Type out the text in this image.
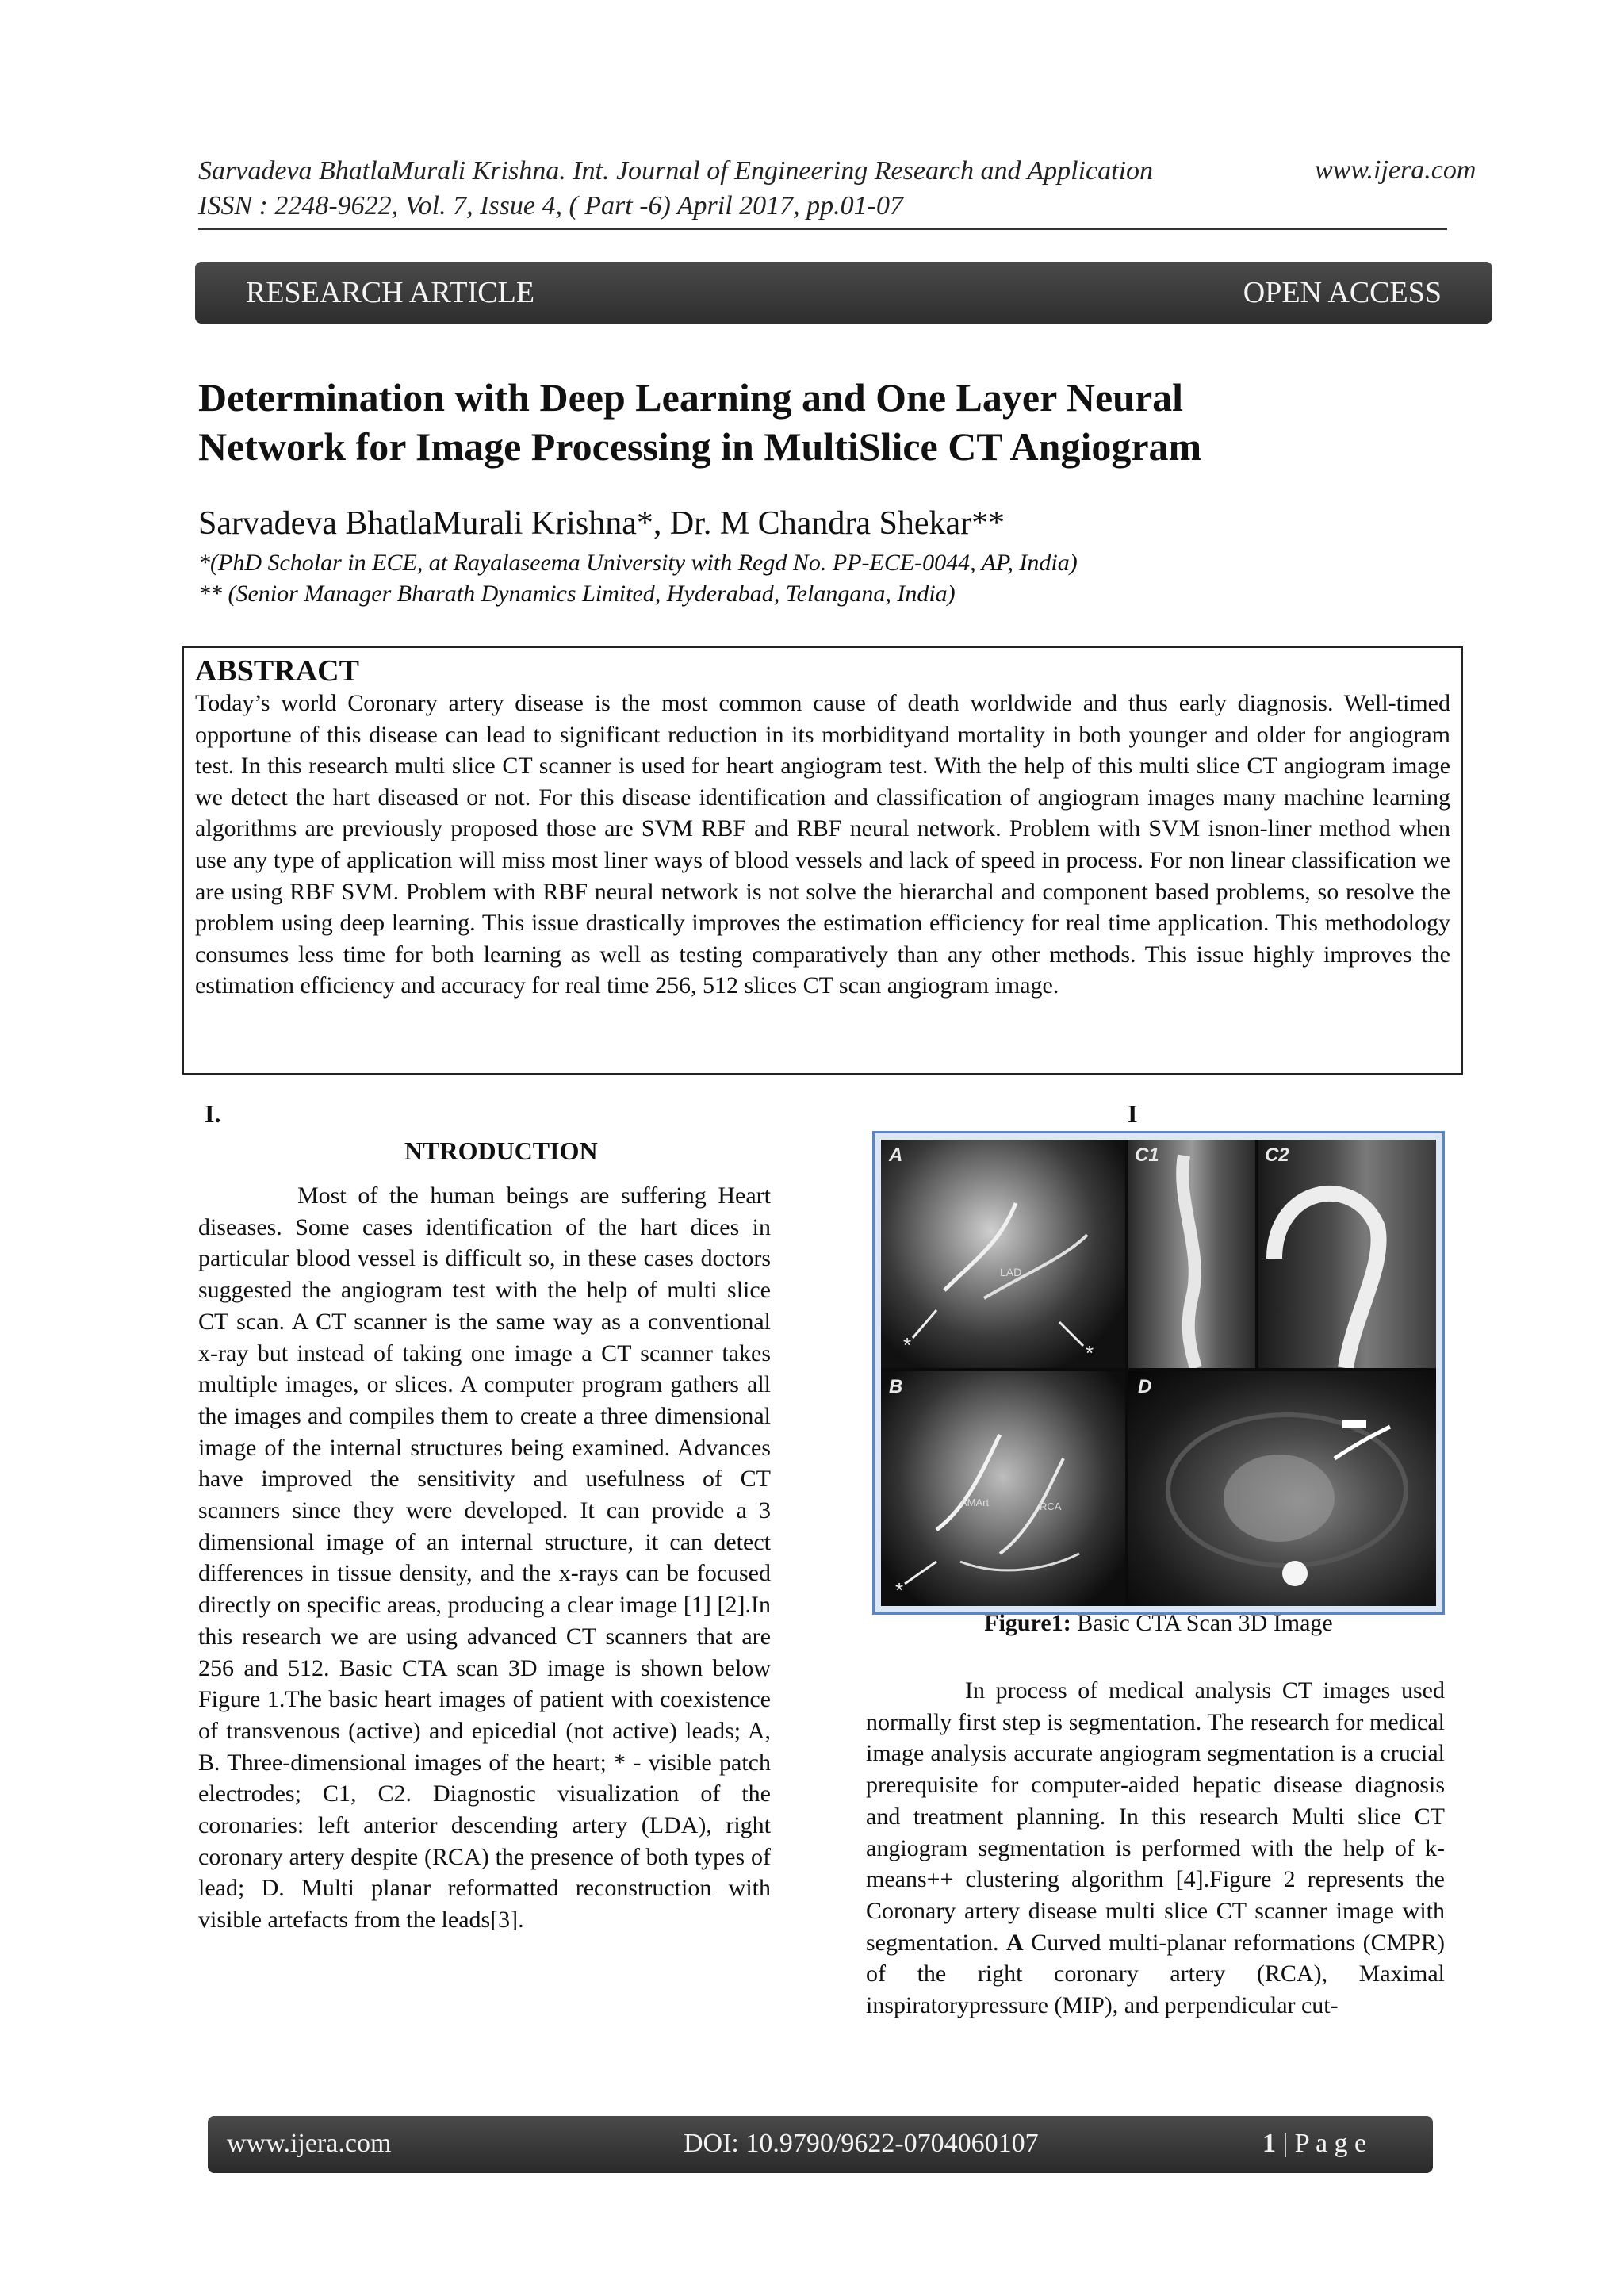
Sarvadeva BhatlaMurali Krishna. Int. Journal of Engineering Research and Application	www.ijera.com
ISSN : 2248-9622, Vol. 7, Issue 4, ( Part -6) April 2017, pp.01-07
RESEARCH ARTICLE	OPEN ACCESS
Determination with Deep Learning and One Layer Neural
Network for Image Processing in MultiSlice CT Angiogram
Sarvadeva BhatlaMurali Krishna*, Dr. M Chandra Shekar**
*(PhD Scholar in ECE, at Rayalaseema University with Regd No. PP-ECE-0044, AP, India)
** (Senior Manager Bharath Dynamics Limited, Hyderabad, Telangana, India)
ABSTRACT
Today’s world Coronary artery disease is the most common cause of death worldwide and thus early diagnosis. Well-timed opportune of this disease can lead to significant reduction in its morbidityand mortality in both younger and older for angiogram test. In this research multi slice CT scanner is used for heart angiogram test. With the help of this multi slice CT angiogram image we detect the hart diseased or not. For this disease identification and classification of angiogram images many machine learning algorithms are previously proposed those are SVM RBF and RBF neural network. Problem with SVM isnon-liner method when use any type of application will miss most liner ways of blood vessels and lack of speed in process. For non linear classification we are using RBF SVM. Problem with RBF neural network is not solve the hierarchal and component based problems, so resolve the problem using deep learning. This issue drastically improves the estimation efficiency for real time application. This methodology consumes less time for both learning as well as testing comparatively than any other methods. This issue highly improves the estimation efficiency and accuracy for real time 256, 512 slices CT scan angiogram image.
I.
NTRODUCTION
I
Most of the human beings are suffering Heart diseases. Some cases identification of the hart dices in particular blood vessel is difficult so, in these cases doctors suggested the angiogram test with the help of multi slice CT scan. A CT scanner is the same way as a conventional x-ray but instead of taking one image a CT scanner takes multiple images, or slices. A computer program gathers all the images and compiles them to create a three dimensional image of the internal structures being examined. Advances have improved the sensitivity and usefulness of CT scanners since they were developed. It can provide a 3 dimensional image of an internal structure, it can detect differences in tissue density, and the x-rays can be focused directly on specific areas, producing a clear image [1] [2].In this research we are using advanced CT scanners that are 256 and 512. Basic CTA scan 3D image is shown below Figure 1.The basic heart images of patient with coexistence of transvenous (active) and epicedial (not active) leads; A, B. Three-dimensional images of the heart; * - visible patch electrodes; C1, C2. Diagnostic visualization of the coronaries: left anterior descending artery (LDA), right coronary artery despite (RCA) the presence of both types of lead; D. Multi planar reformatted reconstruction with visible artefacts from the leads[3].
*	*
LAD
A	C1	C2
*
AMArt	RCA
B	D
Figure1: Basic CTA Scan 3D Image
In process of medical analysis CT images used normally first step is segmentation. The research for medical image analysis accurate angiogram segmentation is a crucial prerequisite for computer-aided hepatic disease diagnosis and treatment planning. In this research Multi slice CT angiogram segmentation is performed with the help of k-means++ clustering algorithm [4].Figure 2 represents the Coronary artery disease multi slice CT scanner image with segmentation. A Curved multi-planar reformations (CMPR) of the right coronary artery (RCA), Maximal inspiratorypressure (MIP), and perpendicular cut-
www.ijera.com	DOI: 10.9790/9622-0704060107	1 | P a g e
